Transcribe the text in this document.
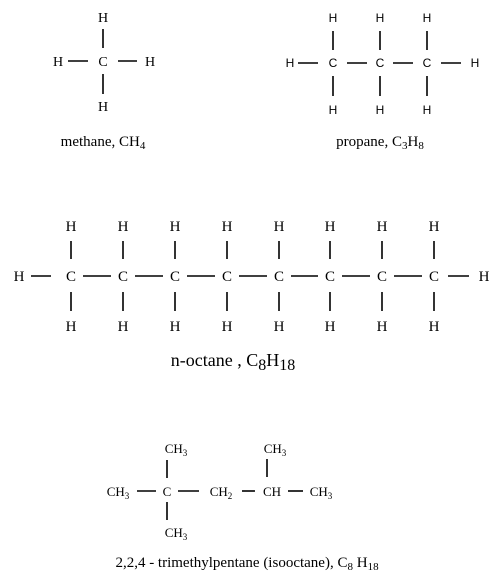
C
H
H
H	H
methane, $CH_4$
H	H
C
H
H
C
H
H
C
H
H
propane, $C_3H_8$
H	H
C
H
H
C
H
H
C
H
H
C
H
H
C
H
H
C
H
H
C
H
H
C
H
H
n-octane , C8H18
$CH_3$
$CH_3$
$CH_3$
$CH_3$	C	$CH_2$ CH $CH_3$
2,2,4 - trimethylpentane (isooctane), $C_8$ $H_{18}$
